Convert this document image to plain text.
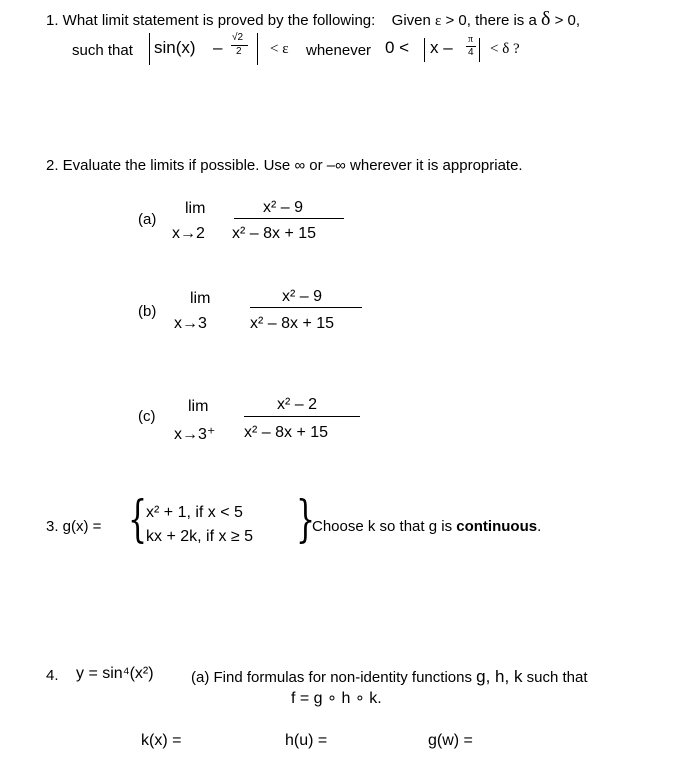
1. What limit statement is proved by the following: Given ε > 0, there is a δ > 0,
such that sin(x) –
√2
2 < ε whenever 0 < x – π
4 < δ ?
2. Evaluate the limits if possible. Use ∞ or –∞ wherever it is appropriate.
(a)
lim
x→2
x² – 9
x² – 8x + 15
(b)
lim
x→3
x² – 9
x² – 8x + 15
(c)
lim
x→3⁺
x² – 2
x² – 8x + 15
3. g(x) = {
x² + 1, if x < 5
kx + 2k, if x ≥ 5 }
Choose k so that g is continuous.
4. y = sin⁴(x²) (a) Find formulas for non-identity functions g, h, k such that
f = g ∘ h ∘ k.
k(x) =	h(u) =	g(w) =
